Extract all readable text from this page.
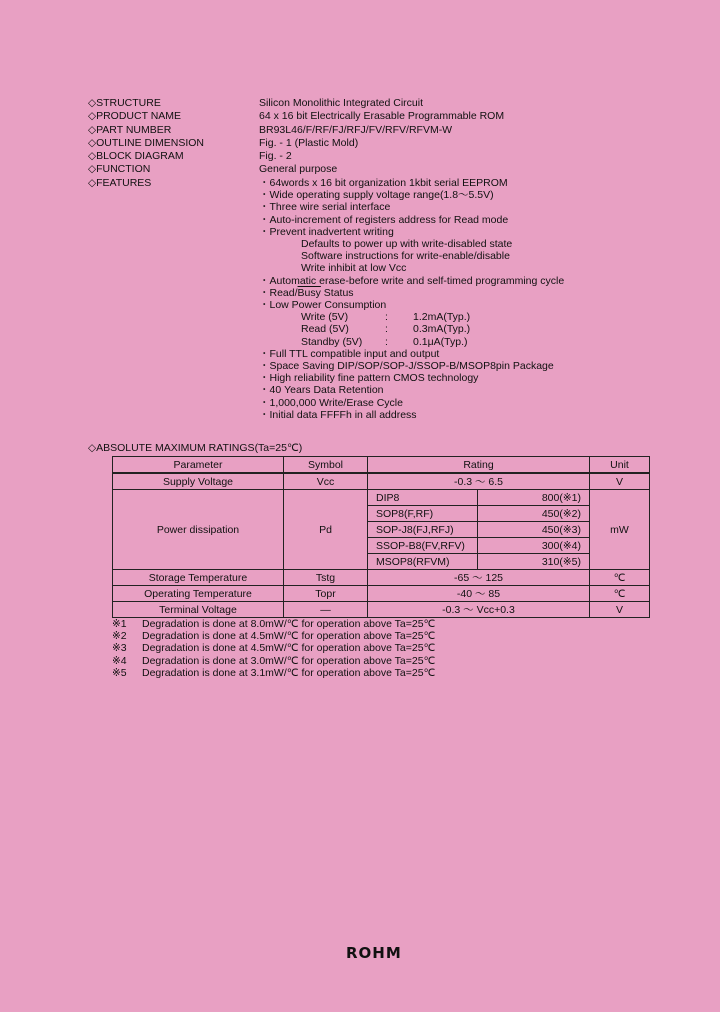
◇STRUCTURE	Silicon Monolithic Integrated Circuit
◇PRODUCT NAME	64 x 16 bit Electrically Erasable Programmable ROM
◇PART NUMBER	BR93L46/F/RF/FJ/RFJ/FV/RFV/RFVM-W
◇OUTLINE DIMENSION	Fig. - 1 (Plastic Mold)
◇BLOCK DIAGRAM	Fig. - 2
◇FUNCTION	General purpose
◇FEATURES	・64words x 16 bit organization 1kbit serial EEPROM
・Wide operating supply voltage range(1.8～5.5V)
・Three wire serial interface
・Auto-increment of registers address for Read mode
・Prevent inadvertent writing
Defaults to power up with write-disabled state
Software instructions for write-enable/disable
Write inhibit at low Vcc
・Automatic erase-before write and self-timed programming cycle
・Read/Busy Status
・Low Power Consumption
Write (5V)	:	1.2mA(Typ.)
Read (5V)	:	0.3mA(Typ.)
Standby (5V)	:	0.1μA(Typ.)
・Full TTL compatible input and output
・Space Saving DIP/SOP/SOP-J/SSOP-B/MSOP8pin Package
・High reliability fine pattern CMOS technology
・40 Years Data Retention
・1,000,000 Write/Erase Cycle
・Initial data FFFFh in all address
◇ABSOLUTE MAXIMUM RATINGS(Ta=25℃)
Parameter	Symbol	Rating		Unit
Supply Voltage	Vcc	-0.3 ～ 6.5		V
Power dissipation	Pd	DIP8	800(※1)	mW
		SOP8(F,RF)	450(※2)	
		SOP-J8(FJ,RFJ)	450(※3)	
		SSOP-B8(FV,RFV)	300(※4)	
		MSOP8(RFVM)	310(※5)	
Storage Temperature	Tstg	-65 ～ 125		℃
Operating Temperature	Topr	-40 ～ 85		℃
Terminal Voltage	—	-0.3 ～ Vcc+0.3		V
※1	Degradation is done at 8.0mW/℃ for operation above Ta=25℃
※2	Degradation is done at 4.5mW/℃ for operation above Ta=25℃
※3	Degradation is done at 4.5mW/℃ for operation above Ta=25℃
※4	Degradation is done at 3.0mW/℃ for operation above Ta=25℃
※5	Degradation is done at 3.1mW/℃ for operation above Ta=25℃
ROHM
